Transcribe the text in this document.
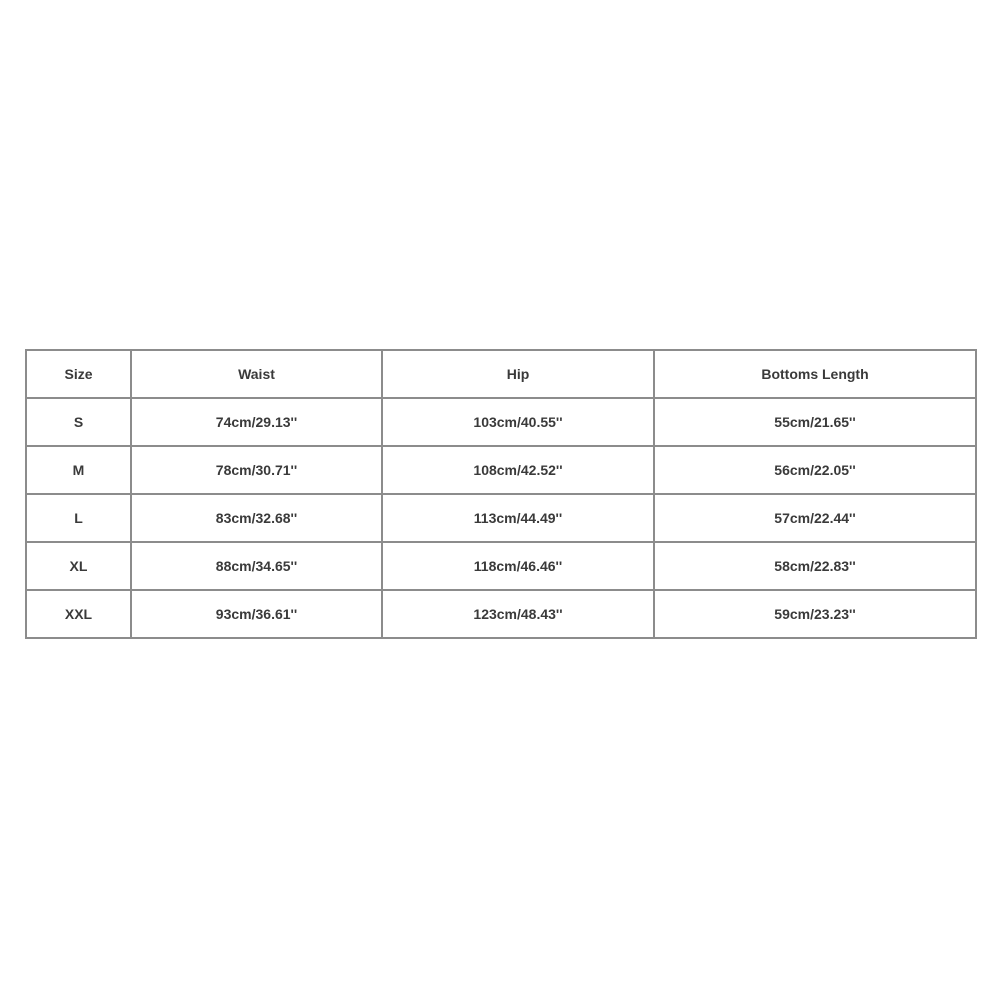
Size	Waist	Hip	Bottoms Length
S	74cm/29.13''	103cm/40.55''	55cm/21.65''
M	78cm/30.71''	108cm/42.52''	56cm/22.05''
L	83cm/32.68''	113cm/44.49''	57cm/22.44''
XL	88cm/34.65''	118cm/46.46''	58cm/22.83''
XXL	93cm/36.61''	123cm/48.43''	59cm/23.23''
